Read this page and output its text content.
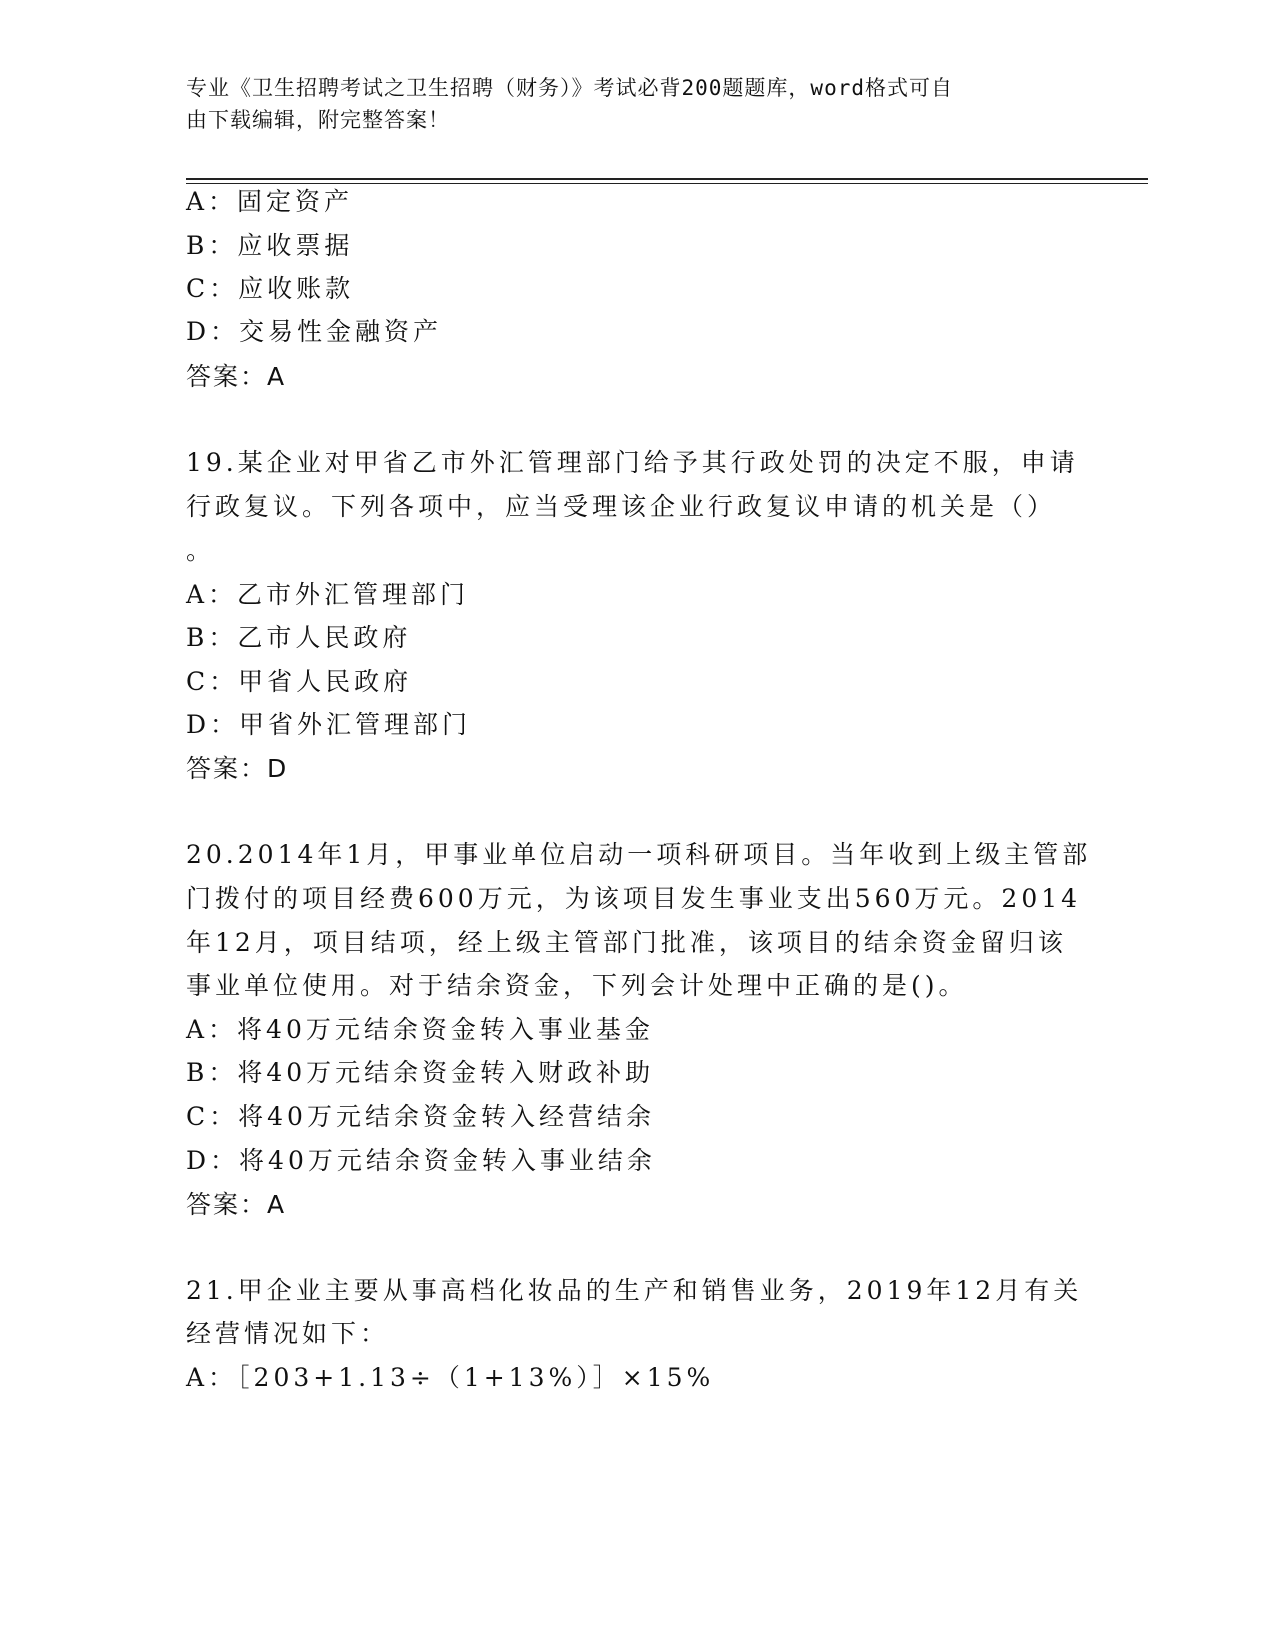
专业《卫生招聘考试之卫生招聘（财务）》考试必背200题题库，word格式可自
由下载编辑，附完整答案！
A：固定资产
B：应收票据
C：应收账款
D：交易性金融资产
答案：A
19.某企业对甲省乙市外汇管理部门给予其行政处罚的决定不服，申请
行政复议。下列各项中，应当受理该企业行政复议申请的机关是（）
。
A：乙市外汇管理部门
B：乙市人民政府
C：甲省人民政府
D：甲省外汇管理部门
答案：D
20.2014年1月，甲事业单位启动一项科研项目。当年收到上级主管部
门拨付的项目经费600万元，为该项目发生事业支出560万元。2014
年12月，项目结项，经上级主管部门批准，该项目的结余资金留归该
事业单位使用。对于结余资金，下列会计处理中正确的是()。
A：将40万元结余资金转入事业基金
B：将40万元结余资金转入财政补助
C：将40万元结余资金转入经营结余
D：将40万元结余资金转入事业结余
答案：A
21.甲企业主要从事高档化妆品的生产和销售业务，2019年12月有关
经营情况如下：
A：［203+1.13÷（1+13%）］×15%
